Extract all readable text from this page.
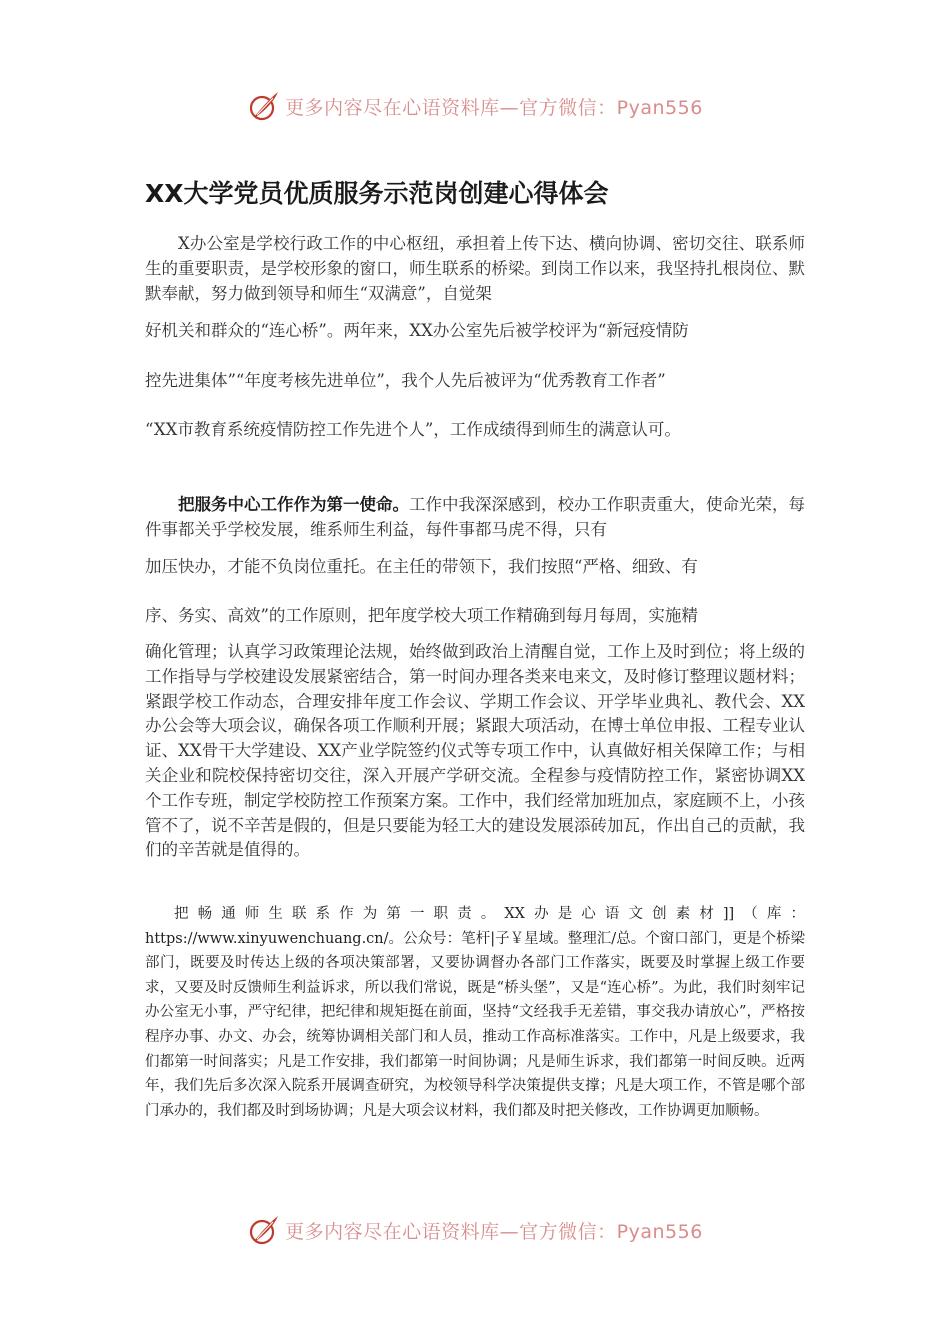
更多内容尽在心语资料库—官方微信：Pyan556
XX大学党员优质服务示范岗创建心得体会
X办公室是学校行政工作的中心枢纽，承担着上传下达、横向协调、密切交往、联系师生的重要职责，是学校形象的窗口，师生联系的桥梁。到岗工作以来，我坚持扎根岗位、默默奉献，努力做到领导和师生“双满意”，自觉架
好机关和群众的“连心桥”。两年来，XX办公室先后被学校评为“新冠疫情防
控先进集体”“年度考核先进单位”，我个人先后被评为“优秀教育工作者”
“XX市教育系统疫情防控工作先进个人”，工作成绩得到师生的满意认可。
把服务中心工作作为第一使命。工作中我深深感到，校办工作职责重大，使命光荣，每件事都关乎学校发展，维系师生利益，每件事都马虎不得，只有
加压快办，才能不负岗位重托。在主任的带领下，我们按照“严格、细致、有
序、务实、高效”的工作原则，把年度学校大项工作精确到每月每周，实施精
确化管理；认真学习政策理论法规，始终做到政治上清醒自觉，工作上及时到位；将上级的工作指导与学校建设发展紧密结合，第一时间办理各类来电来文，及时修订整理议题材料；紧跟学校工作动态，合理安排年度工作会议、学期工作会议、开学毕业典礼、教代会、XX办公会等大项会议，确保各项工作顺利开展；紧跟大项活动，在博士单位申报、工程专业认证、XX骨干大学建设、XX产业学院签约仪式等专项工作中，认真做好相关保障工作；与相关企业和院校保持密切交往，深入开展产学研交流。全程参与疫情防控工作，紧密协调XX个工作专班，制定学校防控工作预案方案。工作中，我们经常加班加点，家庭顾不上，小孩管不了，说不辛苦是假的，但是只要能为轻工大的建设发展添砖加瓦，作出自己的贡献，我们的辛苦就是值得的。

把畅通师生联系作为第一职责。XX办是心语文创素材]]（库：https://www.xinyuwenchuang.cn/。公众号：笔杆|子￥星域。整理汇/总。个窗口部门，更是个桥梁部门，既要及时传达上级的各项决策部署，又要协调督办各部门工作落实，既要及时掌握上级工作要求，又要及时反馈师生利益诉求，所以我们常说，既是“桥头堡”，又是“连心桥”。为此，我们时刻牢记办公室无小事，严守纪律，把纪律和规矩挺在前面，坚持“文经我手无差错，事交我办请放心”，严格按程序办事、办文、办会，统筹协调相关部门和人员，推动工作高标准落实。工作中，凡是上级要求，我们都第一时间落实；凡是工作安排，我们都第一时间协调；凡是师生诉求，我们都第一时间反映。近两年，我们先后多次深入院系开展调查研究，为校领导科学决策提供支撑；凡是大项工作，不管是哪个部门承办的，我们都及时到场协调；凡是大项会议材料，我们都及时把关修改，工作协调更加顺畅。

更多内容尽在心语资料库—官方微信：Pyan556
